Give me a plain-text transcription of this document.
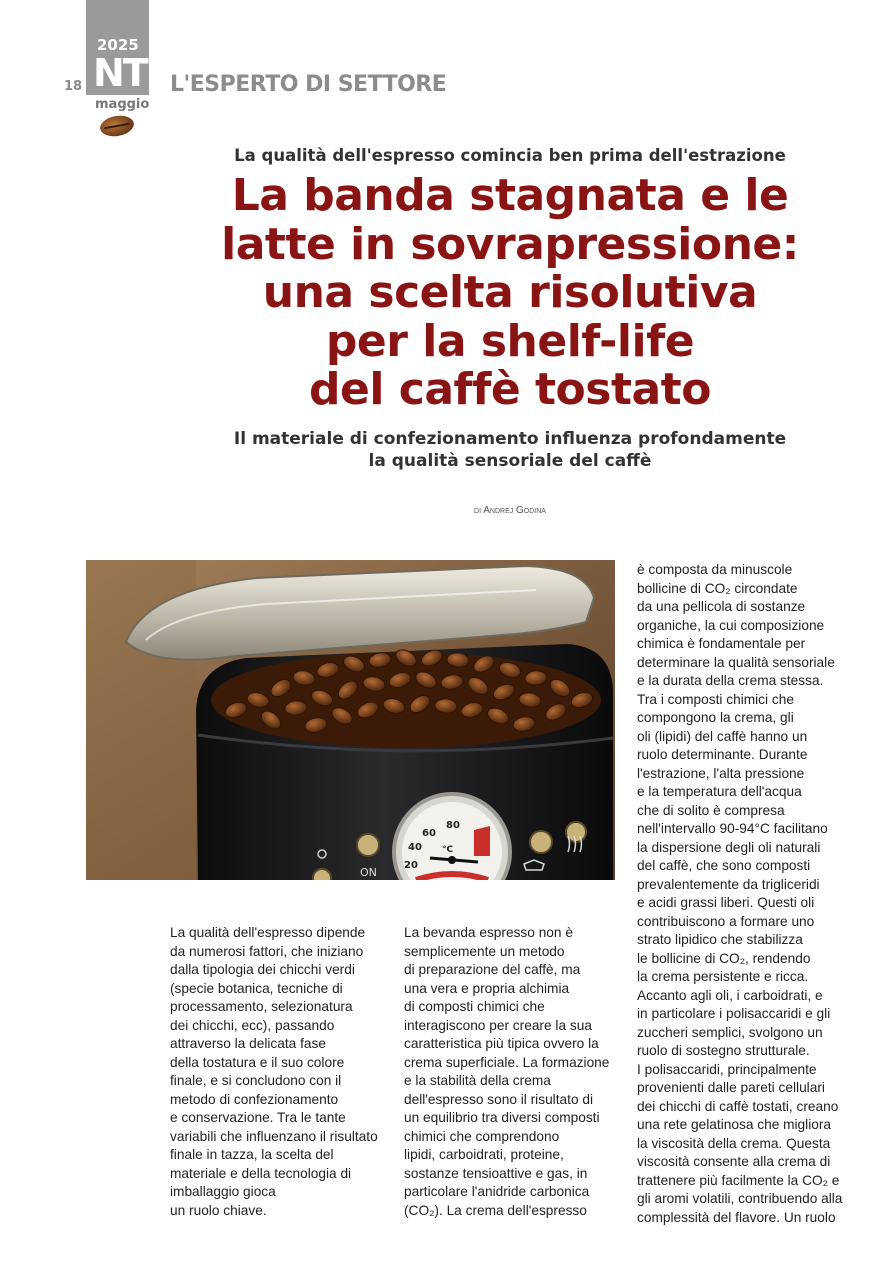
2025
NT
maggio
18	L'ESPERTO DI SETTORE
La qualità dell'espresso comincia ben prima dell'estrazione
La banda stagnata e le
latte in sovrapressione:
una scelta risolutiva
per la shelf-life
del caffè tostato
Il materiale di confezionamento influenza profondamente
la qualità sensoriale del caffè
di Andrej Godina
20
40
60
80
°C
ON

La qualità dell'espresso dipende

da numerosi fattori, che iniziano

dalla tipologia dei chicchi verdi

(specie botanica, tecniche di

processamento, selezionatura

dei chicchi, ecc), passando

attraverso la delicata fase

della tostatura e il suo colore

finale, e si concludono con il

metodo di confezionamento

e conservazione. Tra le tante

variabili che influenzano il risultato

finale in tazza, la scelta del

materiale e della tecnologia di

imballaggio gioca

un ruolo chiave.

La bevanda espresso non è

semplicemente un metodo

di preparazione del caffè, ma

una vera e propria alchimia

di composti chimici che

interagiscono per creare la sua

caratteristica più tipica ovvero la

crema superficiale. La formazione

e la stabilità della crema

dell'espresso sono il risultato di

un equilibrio tra diversi composti

chimici che comprendono

lipidi, carboidrati, proteine,

sostanze tensioattive e gas, in

particolare l'anidride carbonica

(CO₂). La crema dell'espresso

è composta da minuscole

bollicine di CO₂ circondate

da una pellicola di sostanze

organiche, la cui composizione

chimica è fondamentale per

determinare la qualità sensoriale

e la durata della crema stessa.

Tra i composti chimici che

compongono la crema, gli

oli (lipidi) del caffè hanno un

ruolo determinante. Durante

l'estrazione, l'alta pressione

e la temperatura dell'acqua

che di solito è compresa

nell'intervallo 90-94°C facilitano

la dispersione degli oli naturali

del caffè, che sono composti

prevalentemente da trigliceridi

e acidi grassi liberi. Questi oli

contribuiscono a formare uno

strato lipidico che stabilizza

le bollicine di CO₂, rendendo

la crema persistente e ricca.

Accanto agli oli, i carboidrati, e

in particolare i polisaccaridi e gli

zuccheri semplici, svolgono un

ruolo di sostegno strutturale.

I polisaccaridi, principalmente

provenienti dalle pareti cellulari

dei chicchi di caffè tostati, creano

una rete gelatinosa che migliora

la viscosità della crema. Questa

viscosità consente alla crema di

trattenere più facilmente la CO₂ e

gli aromi volatili, contribuendo alla

complessità del flavore. Un ruolo
